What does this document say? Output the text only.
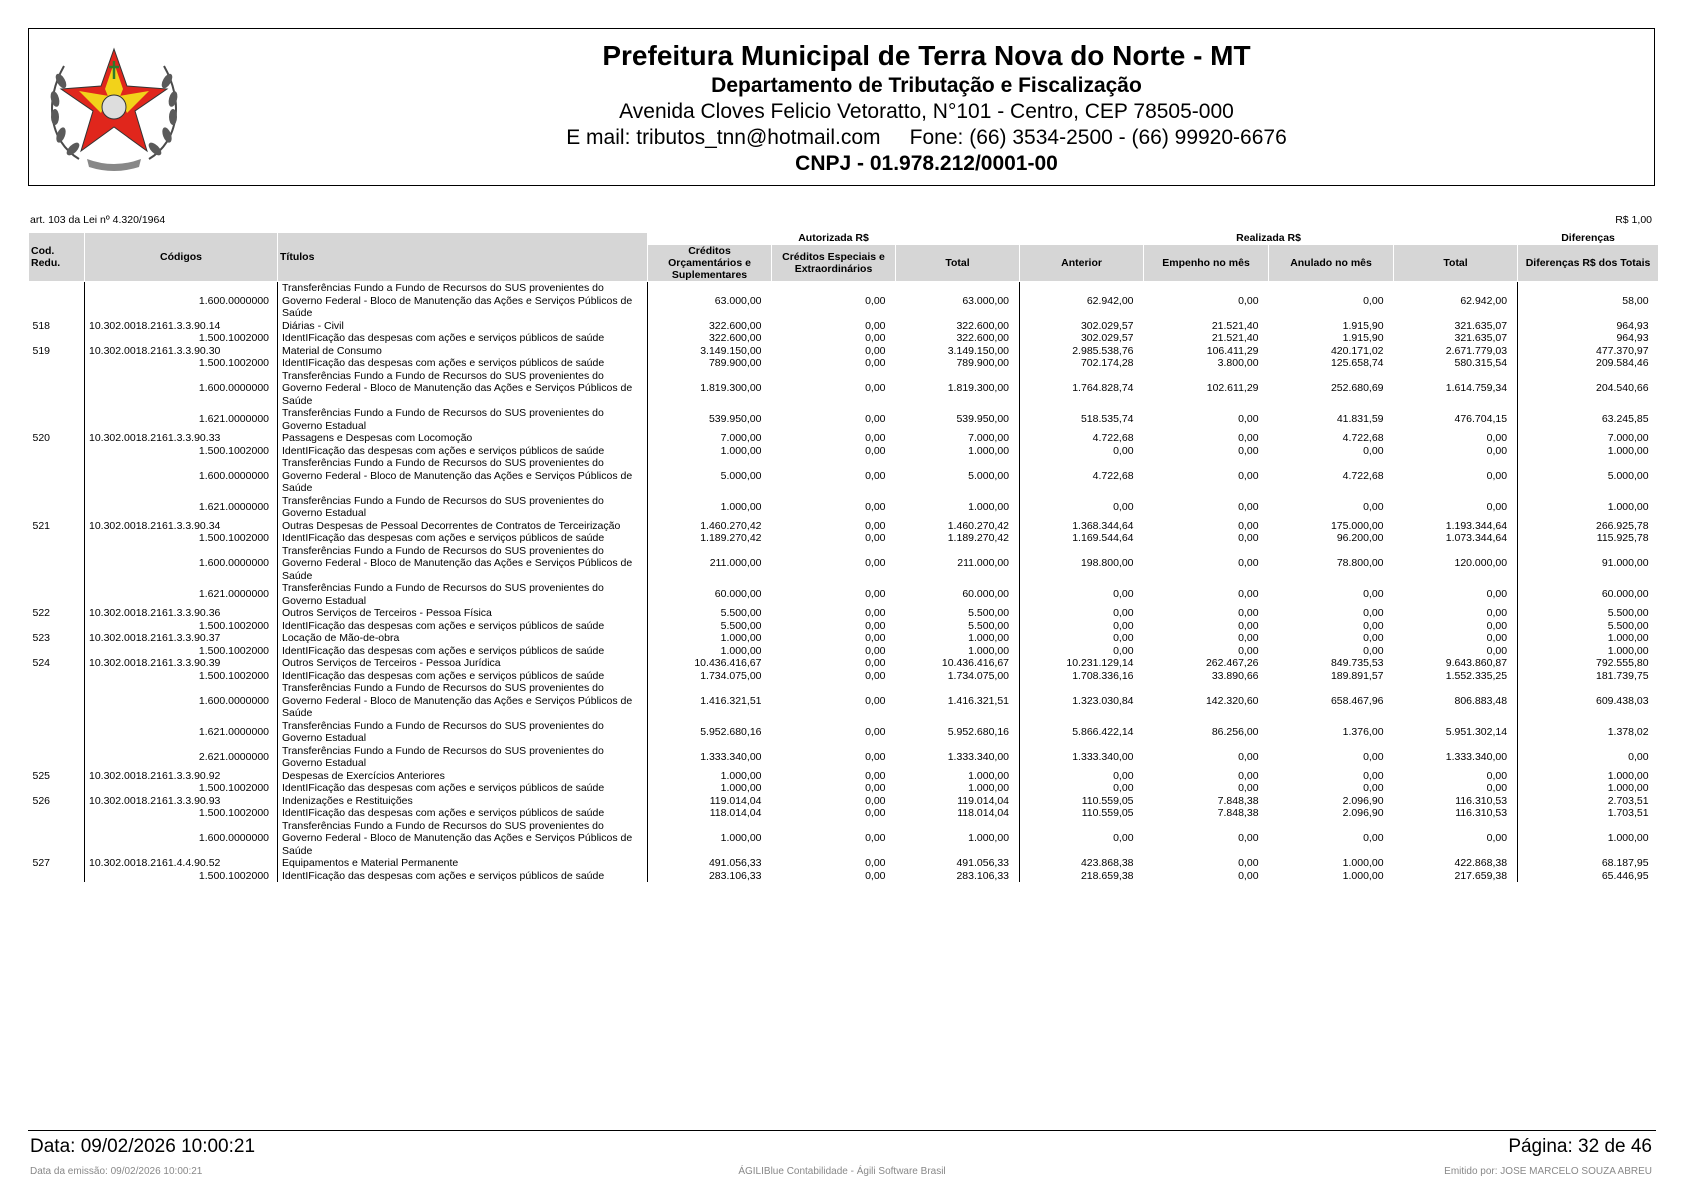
Prefeitura Municipal de Terra Nova do Norte - MT
Departamento de Tributação e Fiscalização
Avenida Cloves Felicio Vetoratto, N°101 - Centro, CEP 78505-000
E mail: tributos_tnn@hotmail.com     Fone: (66) 3534-2500 - (66) 99920-6676
CNPJ - 01.978.212/0001-00
art. 103 da Lei nº 4.320/1964	R$ 1,00
Cod. Redu.	Códigos	Títulos	Autorizada R$			Realizada R$				Diferenças
			Créditos Orçamentários e Suplementares	Créditos Especiais e Extraordinários	Total	Anterior	Empenho no mês	Anulado no mês	Total	Diferenças R$ dos Totais
	1.600.0000000	Transferências Fundo a Fundo de Recursos do SUS provenientes do Governo Federal - Bloco de Manutenção das Ações e Serviços Públicos de Saúde	63.000,00	0,00	63.000,00	62.942,00	0,00	0,00	62.942,00	58,00
518	10.302.0018.2161.3.3.90.14	Diárias - Civil	322.600,00	0,00	322.600,00	302.029,57	21.521,40	1.915,90	321.635,07	964,93
	1.500.1002000	IdentIFicação das despesas com ações e serviços públicos de saúde	322.600,00	0,00	322.600,00	302.029,57	21.521,40	1.915,90	321.635,07	964,93
519	10.302.0018.2161.3.3.90.30	Material de Consumo	3.149.150,00	0,00	3.149.150,00	2.985.538,76	106.411,29	420.171,02	2.671.779,03	477.370,97
	1.500.1002000	IdentIFicação das despesas com ações e serviços públicos de saúde	789.900,00	0,00	789.900,00	702.174,28	3.800,00	125.658,74	580.315,54	209.584,46
	1.600.0000000	Transferências Fundo a Fundo de Recursos do SUS provenientes do Governo Federal - Bloco de Manutenção das Ações e Serviços Públicos de Saúde	1.819.300,00	0,00	1.819.300,00	1.764.828,74	102.611,29	252.680,69	1.614.759,34	204.540,66
	1.621.0000000	Transferências Fundo a Fundo de Recursos do SUS provenientes do Governo Estadual	539.950,00	0,00	539.950,00	518.535,74	0,00	41.831,59	476.704,15	63.245,85
520	10.302.0018.2161.3.3.90.33	Passagens e Despesas com Locomoção	7.000,00	0,00	7.000,00	4.722,68	0,00	4.722,68	0,00	7.000,00
	1.500.1002000	IdentIFicação das despesas com ações e serviços públicos de saúde	1.000,00	0,00	1.000,00	0,00	0,00	0,00	0,00	1.000,00
	1.600.0000000	Transferências Fundo a Fundo de Recursos do SUS provenientes do Governo Federal - Bloco de Manutenção das Ações e Serviços Públicos de Saúde	5.000,00	0,00	5.000,00	4.722,68	0,00	4.722,68	0,00	5.000,00
	1.621.0000000	Transferências Fundo a Fundo de Recursos do SUS provenientes do Governo Estadual	1.000,00	0,00	1.000,00	0,00	0,00	0,00	0,00	1.000,00
521	10.302.0018.2161.3.3.90.34	Outras Despesas de Pessoal Decorrentes de Contratos de Terceirização	1.460.270,42	0,00	1.460.270,42	1.368.344,64	0,00	175.000,00	1.193.344,64	266.925,78
	1.500.1002000	IdentIFicação das despesas com ações e serviços públicos de saúde	1.189.270,42	0,00	1.189.270,42	1.169.544,64	0,00	96.200,00	1.073.344,64	115.925,78
	1.600.0000000	Transferências Fundo a Fundo de Recursos do SUS provenientes do Governo Federal - Bloco de Manutenção das Ações e Serviços Públicos de Saúde	211.000,00	0,00	211.000,00	198.800,00	0,00	78.800,00	120.000,00	91.000,00
	1.621.0000000	Transferências Fundo a Fundo de Recursos do SUS provenientes do Governo Estadual	60.000,00	0,00	60.000,00	0,00	0,00	0,00	0,00	60.000,00
522	10.302.0018.2161.3.3.90.36	Outros Serviços de Terceiros - Pessoa Física	5.500,00	0,00	5.500,00	0,00	0,00	0,00	0,00	5.500,00
	1.500.1002000	IdentIFicação das despesas com ações e serviços públicos de saúde	5.500,00	0,00	5.500,00	0,00	0,00	0,00	0,00	5.500,00
523	10.302.0018.2161.3.3.90.37	Locação de Mão-de-obra	1.000,00	0,00	1.000,00	0,00	0,00	0,00	0,00	1.000,00
	1.500.1002000	IdentIFicação das despesas com ações e serviços públicos de saúde	1.000,00	0,00	1.000,00	0,00	0,00	0,00	0,00	1.000,00
524	10.302.0018.2161.3.3.90.39	Outros Serviços de Terceiros - Pessoa Jurídica	10.436.416,67	0,00	10.436.416,67	10.231.129,14	262.467,26	849.735,53	9.643.860,87	792.555,80
	1.500.1002000	IdentIFicação das despesas com ações e serviços públicos de saúde	1.734.075,00	0,00	1.734.075,00	1.708.336,16	33.890,66	189.891,57	1.552.335,25	181.739,75
	1.600.0000000	Transferências Fundo a Fundo de Recursos do SUS provenientes do Governo Federal - Bloco de Manutenção das Ações e Serviços Públicos de Saúde	1.416.321,51	0,00	1.416.321,51	1.323.030,84	142.320,60	658.467,96	806.883,48	609.438,03
	1.621.0000000	Transferências Fundo a Fundo de Recursos do SUS provenientes do Governo Estadual	5.952.680,16	0,00	5.952.680,16	5.866.422,14	86.256,00	1.376,00	5.951.302,14	1.378,02
	2.621.0000000	Transferências Fundo a Fundo de Recursos do SUS provenientes do Governo Estadual	1.333.340,00	0,00	1.333.340,00	1.333.340,00	0,00	0,00	1.333.340,00	0,00
525	10.302.0018.2161.3.3.90.92	Despesas de Exercícios Anteriores	1.000,00	0,00	1.000,00	0,00	0,00	0,00	0,00	1.000,00
	1.500.1002000	IdentIFicação das despesas com ações e serviços públicos de saúde	1.000,00	0,00	1.000,00	0,00	0,00	0,00	0,00	1.000,00
526	10.302.0018.2161.3.3.90.93	Indenizações e Restituições	119.014,04	0,00	119.014,04	110.559,05	7.848,38	2.096,90	116.310,53	2.703,51
	1.500.1002000	IdentIFicação das despesas com ações e serviços públicos de saúde	118.014,04	0,00	118.014,04	110.559,05	7.848,38	2.096,90	116.310,53	1.703,51
	1.600.0000000	Transferências Fundo a Fundo de Recursos do SUS provenientes do Governo Federal - Bloco de Manutenção das Ações e Serviços Públicos de Saúde	1.000,00	0,00	1.000,00	0,00	0,00	0,00	0,00	1.000,00
527	10.302.0018.2161.4.4.90.52	Equipamentos e Material Permanente	491.056,33	0,00	491.056,33	423.868,38	0,00	1.000,00	422.868,38	68.187,95
	1.500.1002000	IdentIFicação das despesas com ações e serviços públicos de saúde	283.106,33	0,00	283.106,33	218.659,38	0,00	1.000,00	217.659,38	65.446,95
Data: 09/02/2026 10:00:21	Página: 32 de 46
Data da emissão: 09/02/2026 10:00:21	ÁGILIBlue Contabilidade - Ágili Software Brasil	Emitido por: JOSE MARCELO SOUZA ABREU
